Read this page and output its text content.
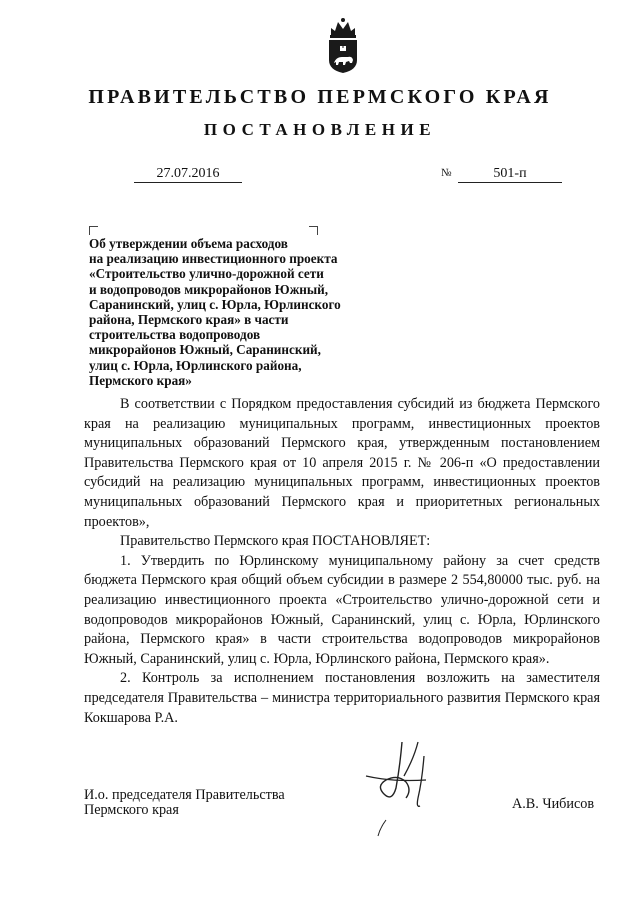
ПРАВИТЕЛЬСТВО ПЕРМСКОГО КРАЯ
ПОСТАНОВЛЕНИЕ
27.07.2016	№	501-п
Об утверждении объема расходов
на реализацию инвестиционного проекта
«Строительство улично-дорожной сети
и водопроводов микрорайонов Южный,
Саранинский, улиц с. Юрла, Юрлинского
района, Пермского края» в части
строительства водопроводов
микрорайонов Южный, Саранинский,
улиц с. Юрла, Юрлинского района,
Пермского края»

В соответствии с Порядком предоставления субсидий из бюджета Пермского края на реализацию муниципальных программ, инвестиционных проектов муниципальных образований Пермского края, утвержденным постановлением Правительства Пермского края от 10 апреля 2015 г. № 206-п «О предоставлении субсидий на реализацию муниципальных программ, инвестиционных проектов муниципальных образований Пермского края и приоритетных региональных проектов»,

Правительство Пермского края ПОСТАНОВЛЯЕТ:

1. Утвердить по Юрлинскому муниципальному району за счет средств бюджета Пермского края общий объем субсидии в размере 2 554,80000 тыс. руб. на реализацию инвестиционного проекта «Строительство улично-дорожной сети и водопроводов микрорайонов Южный, Саранинский, улиц с. Юрла, Юрлинского района, Пермского края» в части строительства водопроводов микрорайонов Южный, Саранинский, улиц с. Юрла, Юрлинского района, Пермского края».

2. Контроль за исполнением постановления возложить на заместителя председателя Правительства – министра территориального развития Пермского края Кокшарова Р.А.

И.о. председателя Правительства
Пермского края	А.В. Чибисов
